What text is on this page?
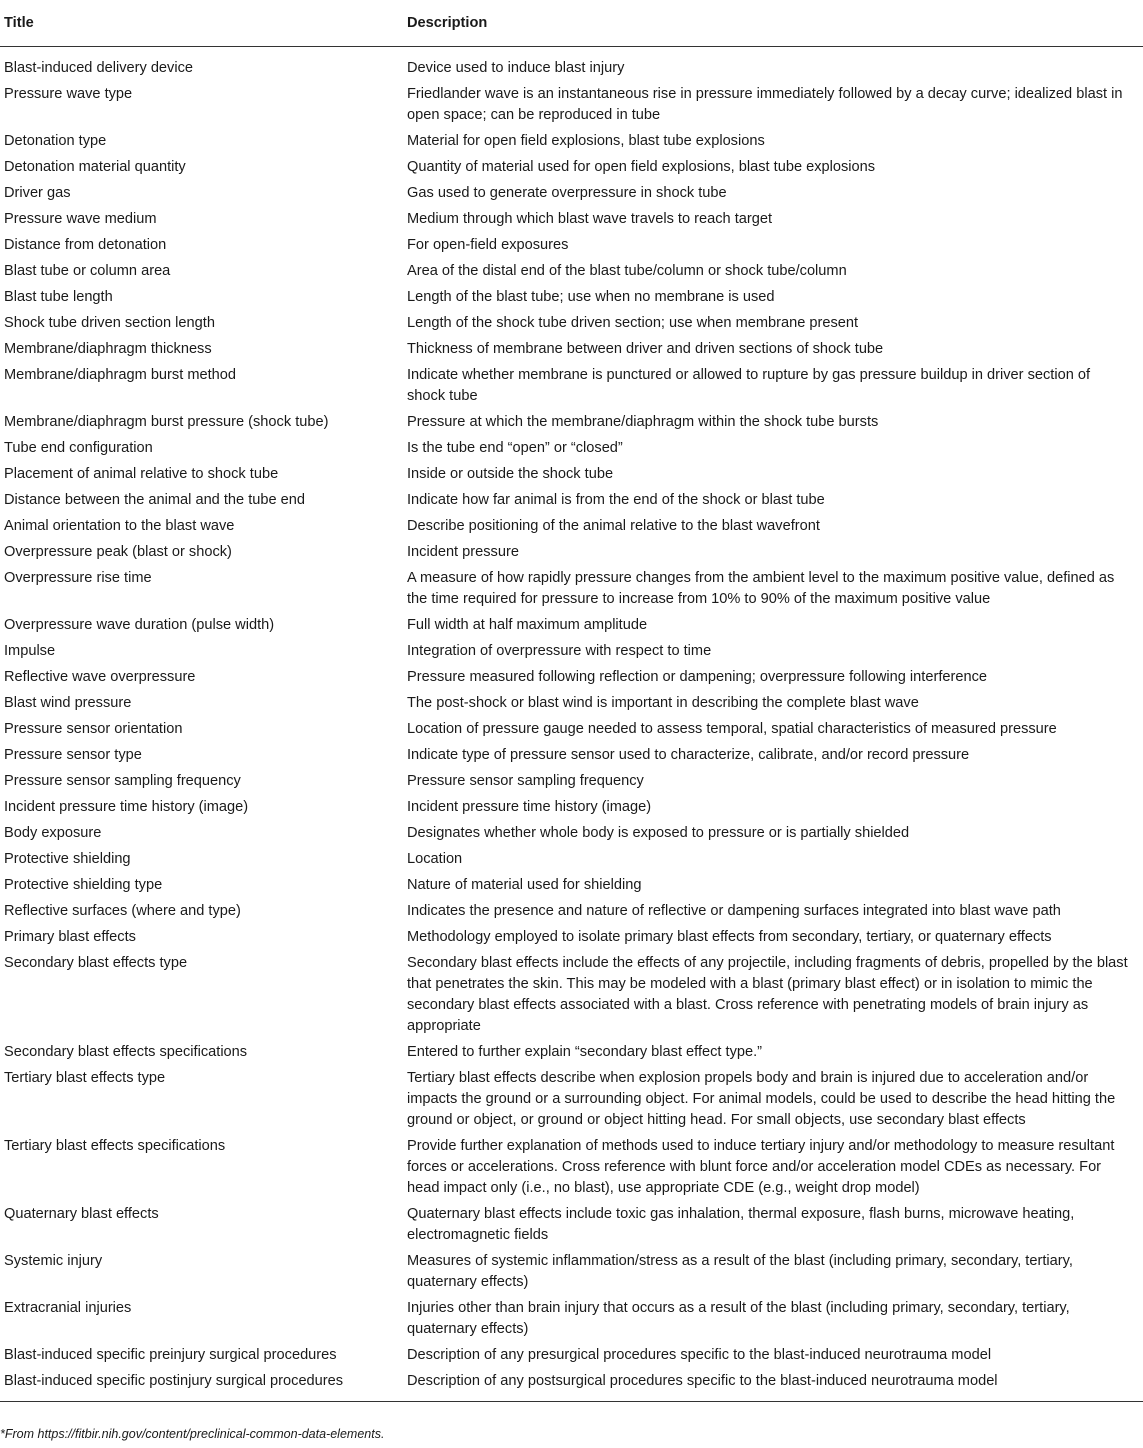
Title	Description
Blast-induced delivery device	Device used to induce blast injury
Pressure wave type	Friedlander wave is an instantaneous rise in pressure immediately followed by a decay curve; idealized blast in open space; can be reproduced in tube
Detonation type	Material for open field explosions, blast tube explosions
Detonation material quantity	Quantity of material used for open field explosions, blast tube explosions
Driver gas	Gas used to generate overpressure in shock tube
Pressure wave medium	Medium through which blast wave travels to reach target
Distance from detonation	For open-field exposures
Blast tube or column area	Area of the distal end of the blast tube/column or shock tube/column
Blast tube length	Length of the blast tube; use when no membrane is used
Shock tube driven section length	Length of the shock tube driven section; use when membrane present
Membrane/diaphragm thickness	Thickness of membrane between driver and driven sections of shock tube
Membrane/diaphragm burst method	Indicate whether membrane is punctured or allowed to rupture by gas pressure buildup in driver section of shock tube
Membrane/diaphragm burst pressure (shock tube)	Pressure at which the membrane/diaphragm within the shock tube bursts
Tube end configuration	Is the tube end “open” or “closed”
Placement of animal relative to shock tube	Inside or outside the shock tube
Distance between the animal and the tube end	Indicate how far animal is from the end of the shock or blast tube
Animal orientation to the blast wave	Describe positioning of the animal relative to the blast wavefront
Overpressure peak (blast or shock)	Incident pressure
Overpressure rise time	A measure of how rapidly pressure changes from the ambient level to the maximum positive value, defined as the time required for pressure to increase from 10% to 90% of the maximum positive value
Overpressure wave duration (pulse width)	Full width at half maximum amplitude
Impulse	Integration of overpressure with respect to time
Reflective wave overpressure	Pressure measured following reflection or dampening; overpressure following interference
Blast wind pressure	The post-shock or blast wind is important in describing the complete blast wave
Pressure sensor orientation	Location of pressure gauge needed to assess temporal, spatial characteristics of measured pressure
Pressure sensor type	Indicate type of pressure sensor used to characterize, calibrate, and/or record pressure
Pressure sensor sampling frequency	Pressure sensor sampling frequency
Incident pressure time history (image)	Incident pressure time history (image)
Body exposure	Designates whether whole body is exposed to pressure or is partially shielded
Protective shielding	Location
Protective shielding type	Nature of material used for shielding
Reflective surfaces (where and type)	Indicates the presence and nature of reflective or dampening surfaces integrated into blast wave path
Primary blast effects	Methodology employed to isolate primary blast effects from secondary, tertiary, or quaternary effects
Secondary blast effects type	Secondary blast effects include the effects of any projectile, including fragments of debris, propelled by the blast that penetrates the skin. This may be modeled with a blast (primary blast effect) or in isolation to mimic the secondary blast effects associated with a blast. Cross reference with penetrating models of brain injury as appropriate
Secondary blast effects specifications	Entered to further explain “secondary blast effect type.”
Tertiary blast effects type	Tertiary blast effects describe when explosion propels body and brain is injured due to acceleration and/or impacts the ground or a surrounding object. For animal models, could be used to describe the head hitting the ground or object, or ground or object hitting head. For small objects, use secondary blast effects
Tertiary blast effects specifications	Provide further explanation of methods used to induce tertiary injury and/or methodology to measure resultant forces or accelerations. Cross reference with blunt force and/or acceleration model CDEs as necessary. For head impact only (i.e., no blast), use appropriate CDE (e.g., weight drop model)
Quaternary blast effects	Quaternary blast effects include toxic gas inhalation, thermal exposure, flash burns, microwave heating, electromagnetic fields
Systemic injury	Measures of systemic inflammation/stress as a result of the blast (including primary, secondary, tertiary, quaternary effects)
Extracranial injuries	Injuries other than brain injury that occurs as a result of the blast (including primary, secondary, tertiary, quaternary effects)
Blast-induced specific preinjury surgical procedures	Description of any presurgical procedures specific to the blast-induced neurotrauma model
Blast-induced specific postinjury surgical procedures	Description of any postsurgical procedures specific to the blast-induced neurotrauma model
*From https://fitbir.nih.gov/content/preclinical-common-data-elements.
